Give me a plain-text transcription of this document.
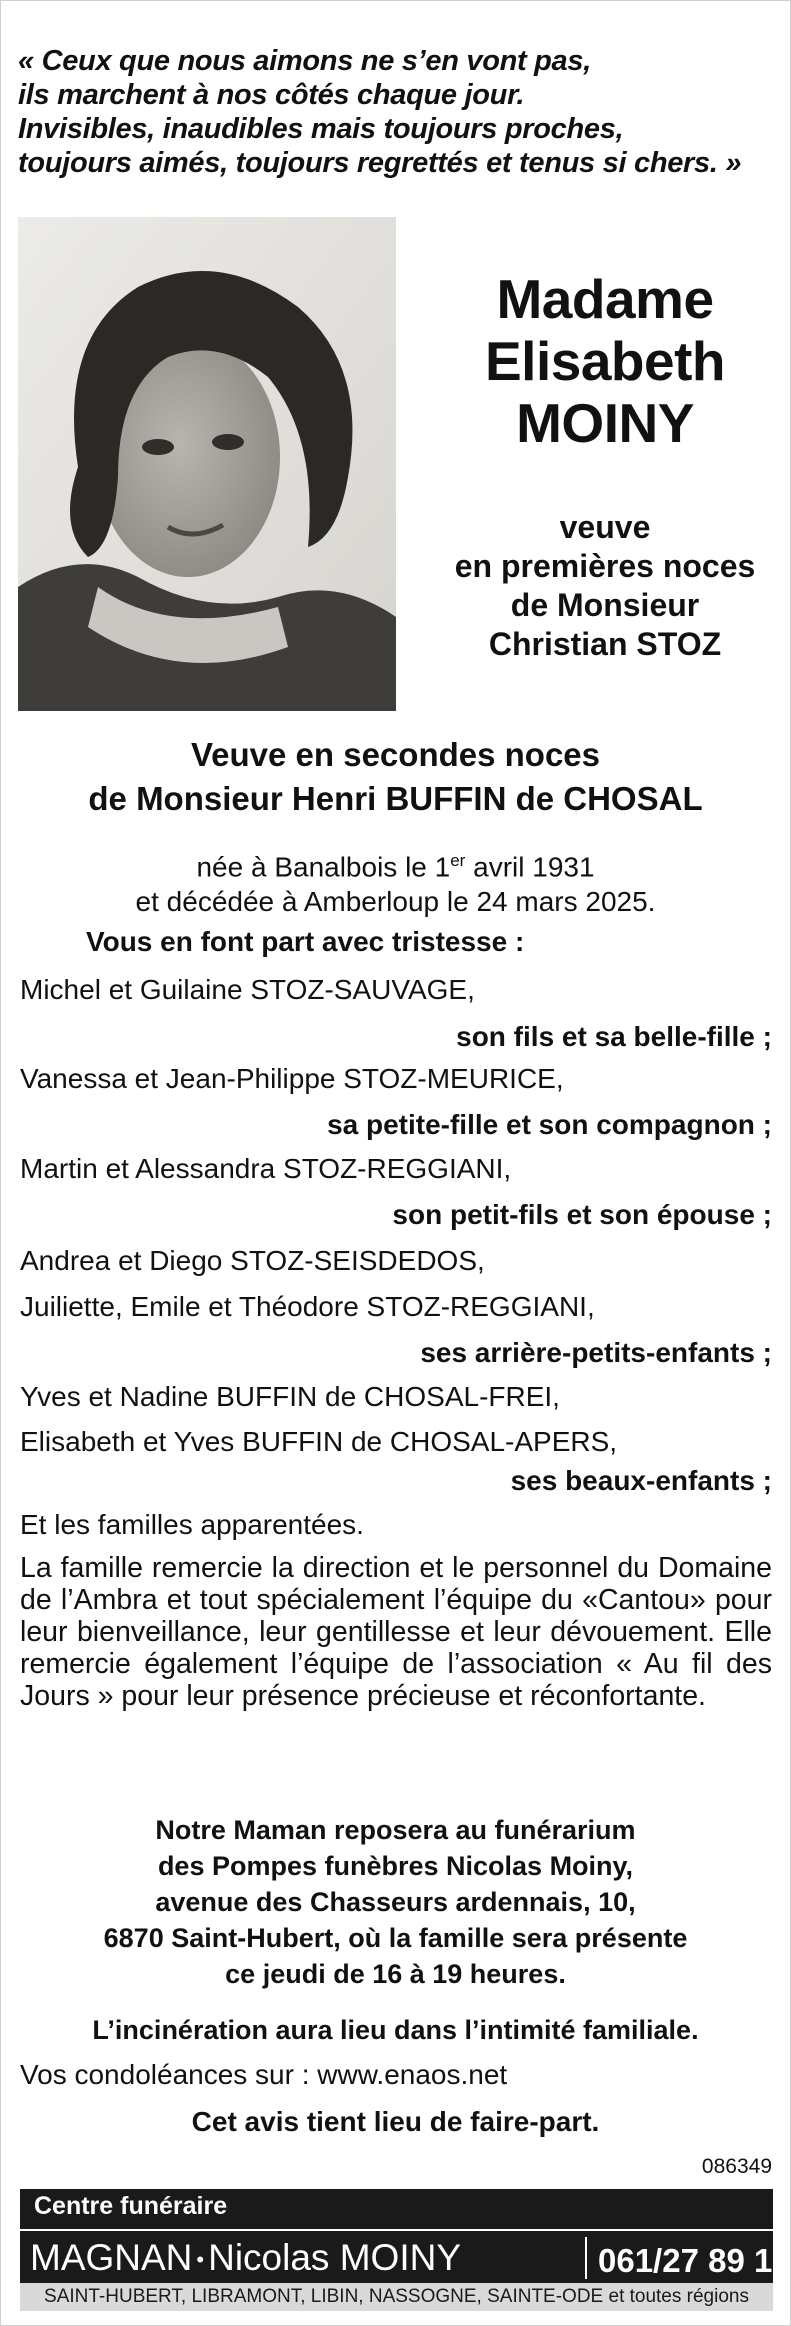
« Ceux que nous aimons ne s’en vont pas,
ils marchent à nos côtés chaque jour.
Invisibles, inaudibles mais toujours proches,
toujours aimés, toujours regrettés et tenus si chers. »
Madame
Elisabeth
MOINY
veuve
en premières noces
de Monsieur
Christian STOZ
Veuve en secondes noces
de Monsieur Henri BUFFIN de CHOSAL
née à Banalbois le 1er avril 1931
et décédée à Amberloup le 24 mars 2025.
Vous en font part avec tristesse :
Michel et Guilaine STOZ-SAUVAGE,
son fils et sa belle-fille ;
Vanessa et Jean-Philippe STOZ-MEURICE,
sa petite-fille et son compagnon ;
Martin et Alessandra STOZ-REGGIANI,
son petit-fils et son épouse ;
Andrea et Diego STOZ-SEISDEDOS,
Juiliette, Emile et Théodore STOZ-REGGIANI,
ses arrière-petits-enfants ;
Yves et Nadine BUFFIN de CHOSAL-FREI,
Elisabeth et Yves BUFFIN de CHOSAL-APERS,
ses beaux-enfants ;
Et les familles apparentées.
La famille remercie la direction et le personnel du Domaine de l’Ambra et tout spécialement l’équipe du «Cantou» pour leur bienveillance, leur gentillesse et leur dévouement. Elle remercie également l’équipe de l’association « Au fil des Jours » pour leur présence précieuse et réconfortante.
Notre Maman reposera au funérarium
des Pompes funèbres Nicolas Moiny,
avenue des Chasseurs ardennais, 10,
6870 Saint-Hubert, où la famille sera présente
ce jeudi de 16 à 19 heures.
L’incinération aura lieu dans l’intimité familiale.
Vos condoléances sur : www.enaos.net
Cet avis tient lieu de faire-part.
086349
Centre funéraire
MAGNAN • Nicolas MOINY	061/27 89 16
SAINT-HUBERT, LIBRAMONT, LIBIN, NASSOGNE, SAINTE-ODE et toutes régions
